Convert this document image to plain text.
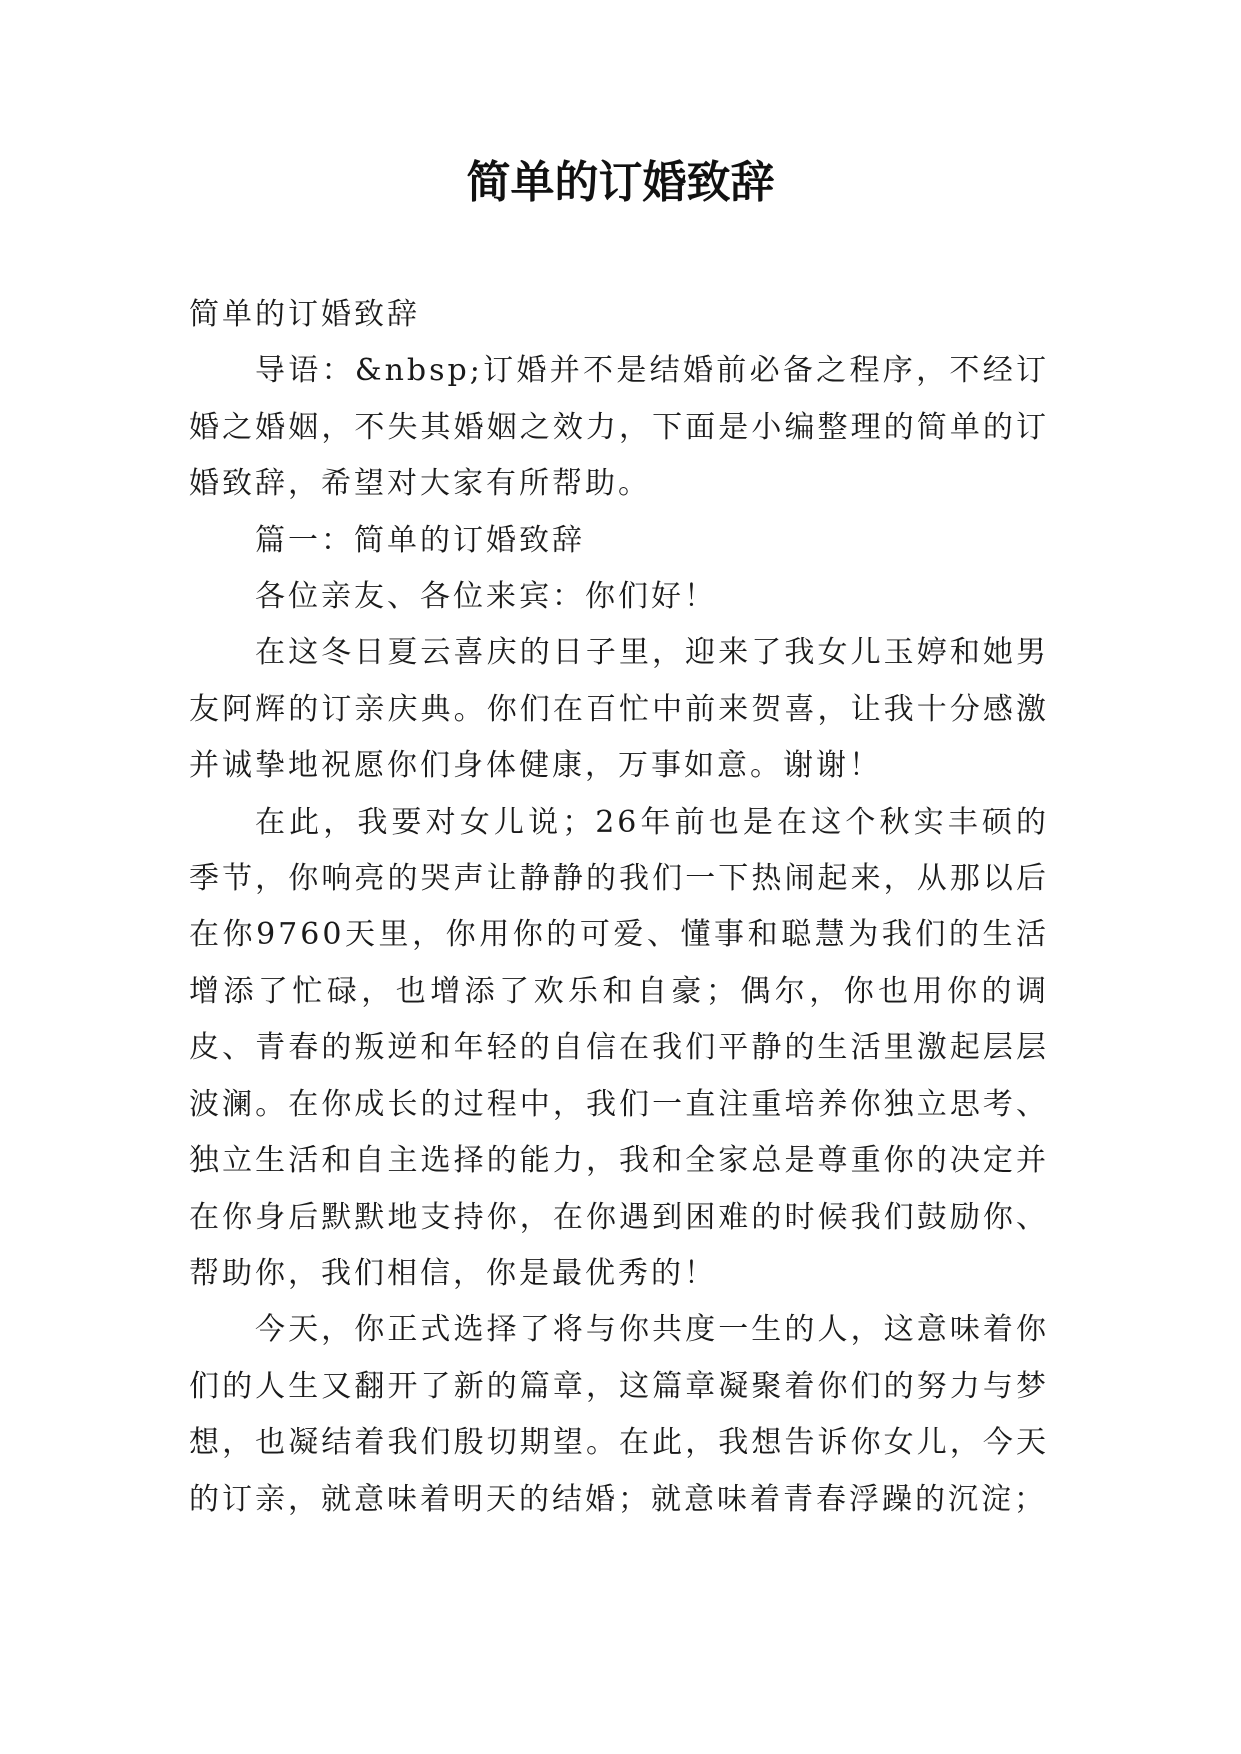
简单的订婚致辞

简单的订婚致辞

导语：&nbsp;订婚并不是结婚前必备之程序，不经订婚之婚姻，不失其婚姻之效力，下面是小编整理的简单的订婚致辞，希望对大家有所帮助。

篇一：简单的订婚致辞

各位亲友、各位来宾：你们好！

在这冬日夏云喜庆的日子里，迎来了我女儿玉婷和她男友阿辉的订亲庆典。你们在百忙中前来贺喜，让我十分感激并诚挚地祝愿你们身体健康，万事如意。谢谢！

在此，我要对女儿说；26年前也是在这个秋实丰硕的季节，你响亮的哭声让静静的我们一下热闹起来，从那以后在你9760天里，你用你的可爱、懂事和聪慧为我们的生活增添了忙碌，也增添了欢乐和自豪；偶尔，你也用你的调皮、青春的叛逆和年轻的自信在我们平静的生活里激起层层波澜。在你成长的过程中，我们一直注重培养你独立思考、独立生活和自主选择的能力，我和全家总是尊重你的决定并在你身后默默地支持你，在你遇到困难的时候我们鼓励你、帮助你，我们相信，你是最优秀的！

今天，你正式选择了将与你共度一生的人，这意味着你们的人生又翻开了新的篇章，这篇章凝聚着你们的努力与梦想，也凝结着我们殷切期望。在此，我想告诉你女儿，今天的订亲，就意味着明天的结婚；就意味着青春浮躁的沉淀；
